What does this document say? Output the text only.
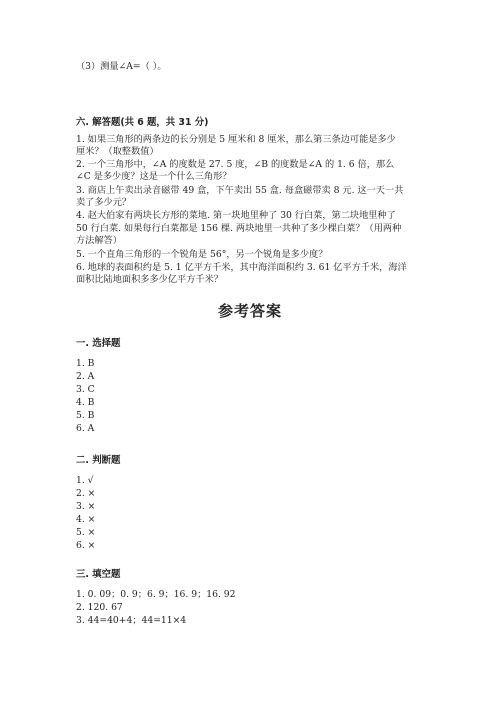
（3）测量∠A=（ ）。
六. 解答题(共 6 题，共 31 分)
1. 如果三角形的两条边的长分别是 5 厘米和 8 厘米，那么第三条边可能是多少
厘米？（取整数值）
2. 一个三角形中，∠A 的度数是 27. 5 度，∠B 的度数是∠A 的 1. 6 倍，那么
∠C 是多少度？这是一个什么三角形？
3. 商店上午卖出录音磁带 49 盒，下午卖出 55 盒. 每盒磁带卖 8 元. 这一天一共
卖了多少元？
4. 赵大伯家有两块长方形的菜地. 第一块地里种了 30 行白菜，第二块地里种了
50 行白菜. 如果每行白菜都是 156 棵. 两块地里一共种了多少棵白菜？（用两种
方法解答）
5. 一个直角三角形的一个锐角是 56°，另一个锐角是多少度？
6. 地球的表面积约是 5. 1 亿平方千米，其中海洋面积约 3. 61 亿平方千米，海洋
面积比陆地面积多多少亿平方千米？
参考答案
一. 选择题
1. B
2. A
3. C
4. B
5. B
6. A
二. 判断题
1. √
2. ×
3. ×
4. ×
5. ×
6. ×
三. 填空题
1. 0. 09；0. 9；6. 9；16. 9；16. 92
2. 120. 67
3. 44=40+4；44=11×4
